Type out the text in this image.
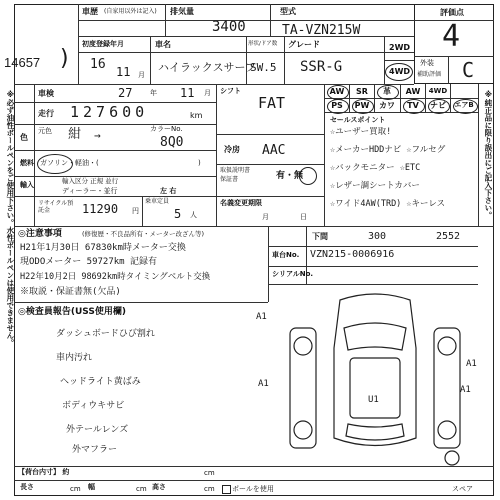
14657 )
※必ず油性ボールペンをご使用下さい。水性ボールペンは使用できません。	※純正品に限り誤出にご記入下さい。
車歴 (自家用以外は記入) 排気量
3400
型式
TA-VZN215W
初度登録年月
16 11 月
車名
ハイラックスサーフ
形状/ドア数
SW.5
グレード
SSR-G
2WD
4WD
評価点
4
外装
補助評価 C
車検	27	年 11 月
走行 127600	km
元色 紺 →
色
カラーNo.
8Q0
燃料 ガソリン・軽油・(	)
輸入	輸入区分 正規 並行
ディーラー・並行	左 右
リサイクル預託金	11290 円
乗車定員
5 人
シフト
FAT
冷房 AAC
取扱説明書
保証書	有・無
名義変更期限
月	日
AW	SR	革	AW	4WD
PS	PW	カワ	TV	ナビ	エアB
セールスポイント
☆ユーザー買取!
☆メーカーHDDナビ ☆フルセグ
☆バックモニター ☆ETC
☆レザー調シートカバー
☆ワイド4AW(TRD) ☆キーレス
下間	300	2552
車台No. VZN215-0006916
シリアルNo.
◎注意事項	(修復歴・不良品所有・メーター改ざん等)
H21年1月30日 67830km時メーター交換
現ODOメーター 59727km 記録有
H22年10月2日 98692km時タイミングベルト交換
※取説・保証書無(欠品)
◎検査員報告(USS使用欄)
ダッシュボードひび割れ
車内汚れ
ヘッドライト黄ばみ
ボディウキサビ
外テールレンズ
外マフラー
A1
A1
A1
A1
U1
【荷台内寸】 約	cm
長さ	cm 幅	cm 高さ	cm ポールを使用	スペア
